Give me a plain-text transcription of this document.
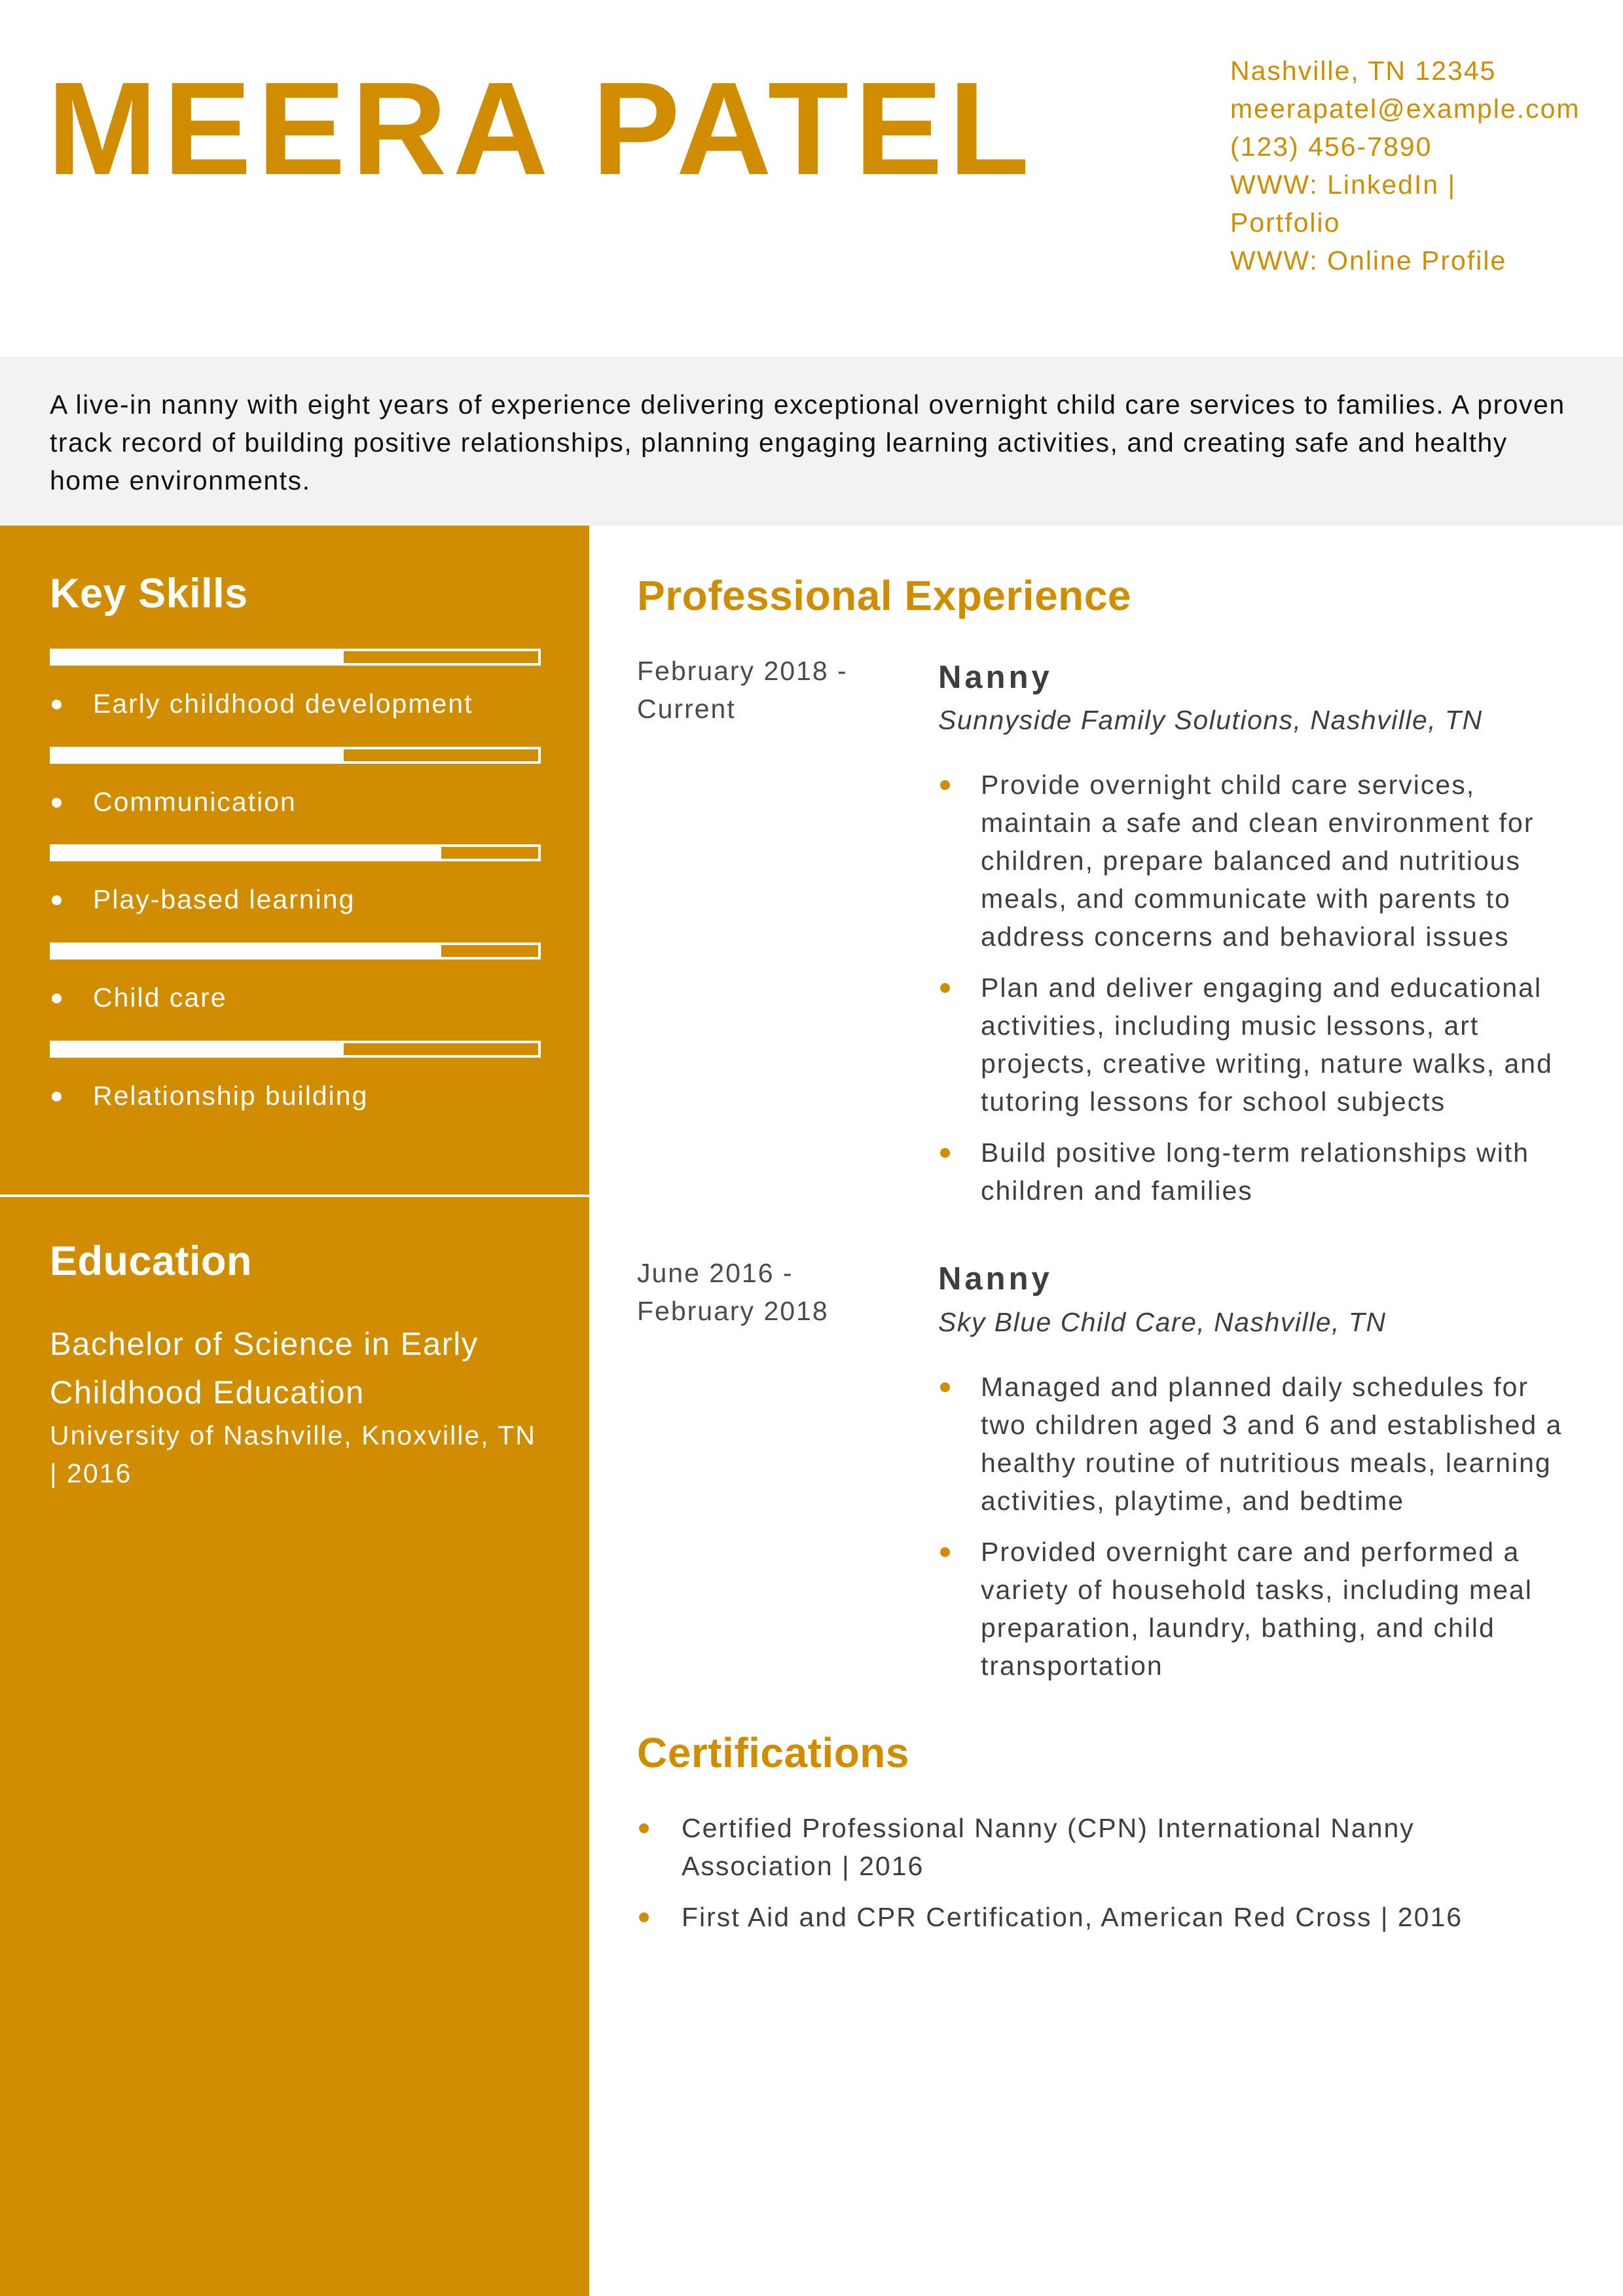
MEERA PATEL	Nashville, TN 12345
meerapatel@example.com
(123) 456-7890
WWW: LinkedIn | Portfolio
WWW: Online Profile

A live-in nanny with eight years of experience delivering exceptional overnight child care services to families. A proven track record of building positive relationships, planning engaging learning activities, and creating safe and healthy home environments.

Key Skills
Early childhood development
Communication
Play-based learning
Child care
Relationship building
Education
Bachelor of Science in Early Childhood Education
University of Nashville, Knoxville, TN | 2016
Professional Experience
February 2018 - Current
Nanny
Sunnyside Family Solutions, Nashville, TN
Provide overnight child care services, maintain a safe and clean environment for children, prepare balanced and nutritious meals, and communicate with parents to address concerns and behavioral issues
Plan and deliver engaging and educational activities, including music lessons, art projects, creative writing, nature walks, and tutoring lessons for school subjects
Build positive long-term relationships with children and families
June 2016 - February 2018
Nanny
Sky Blue Child Care, Nashville, TN
Managed and planned daily schedules for two children aged 3 and 6 and established a healthy routine of nutritious meals, learning activities, playtime, and bedtime
Provided overnight care and performed a variety of household tasks, including meal preparation, laundry, bathing, and child transportation
Certifications
Certified Professional Nanny (CPN) International Nanny Association | 2016
First Aid and CPR Certification, American Red Cross | 2016
